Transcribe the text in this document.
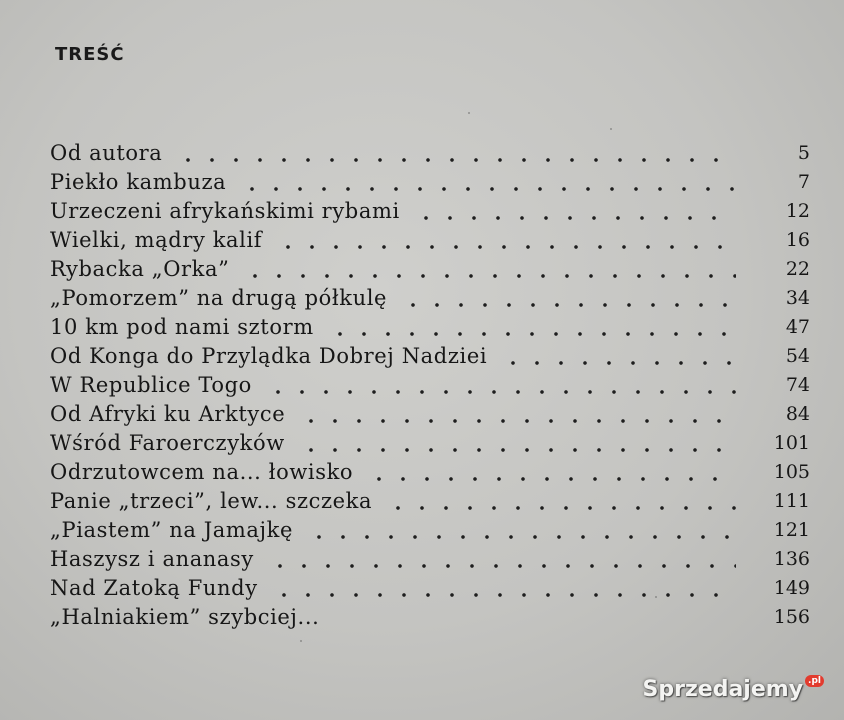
TREŚĆ
Od autora	5
Piekło kambuza	7
Urzeczeni afrykańskimi rybami	12
Wielki, mądry kalif	16
Rybacka „Orka”	22
„Pomorzem” na drugą półkulę	34
10 km pod nami sztorm	47
Od Konga do Przylądka Dobrej Nadziei	54
W Republice Togo	74
Od Afryki ku Arktyce	84
Wśród Faroerczyków	101
Odrzutowcem na... łowisko	105
Panie „trzeci”, lew... szczeka	111
„Piastem” na Jamajkę	121
Haszysz i ananasy	136
Nad Zatoką Fundy	149
„Halniakiem” szybciej...	156
Sprzedajemy .pl
